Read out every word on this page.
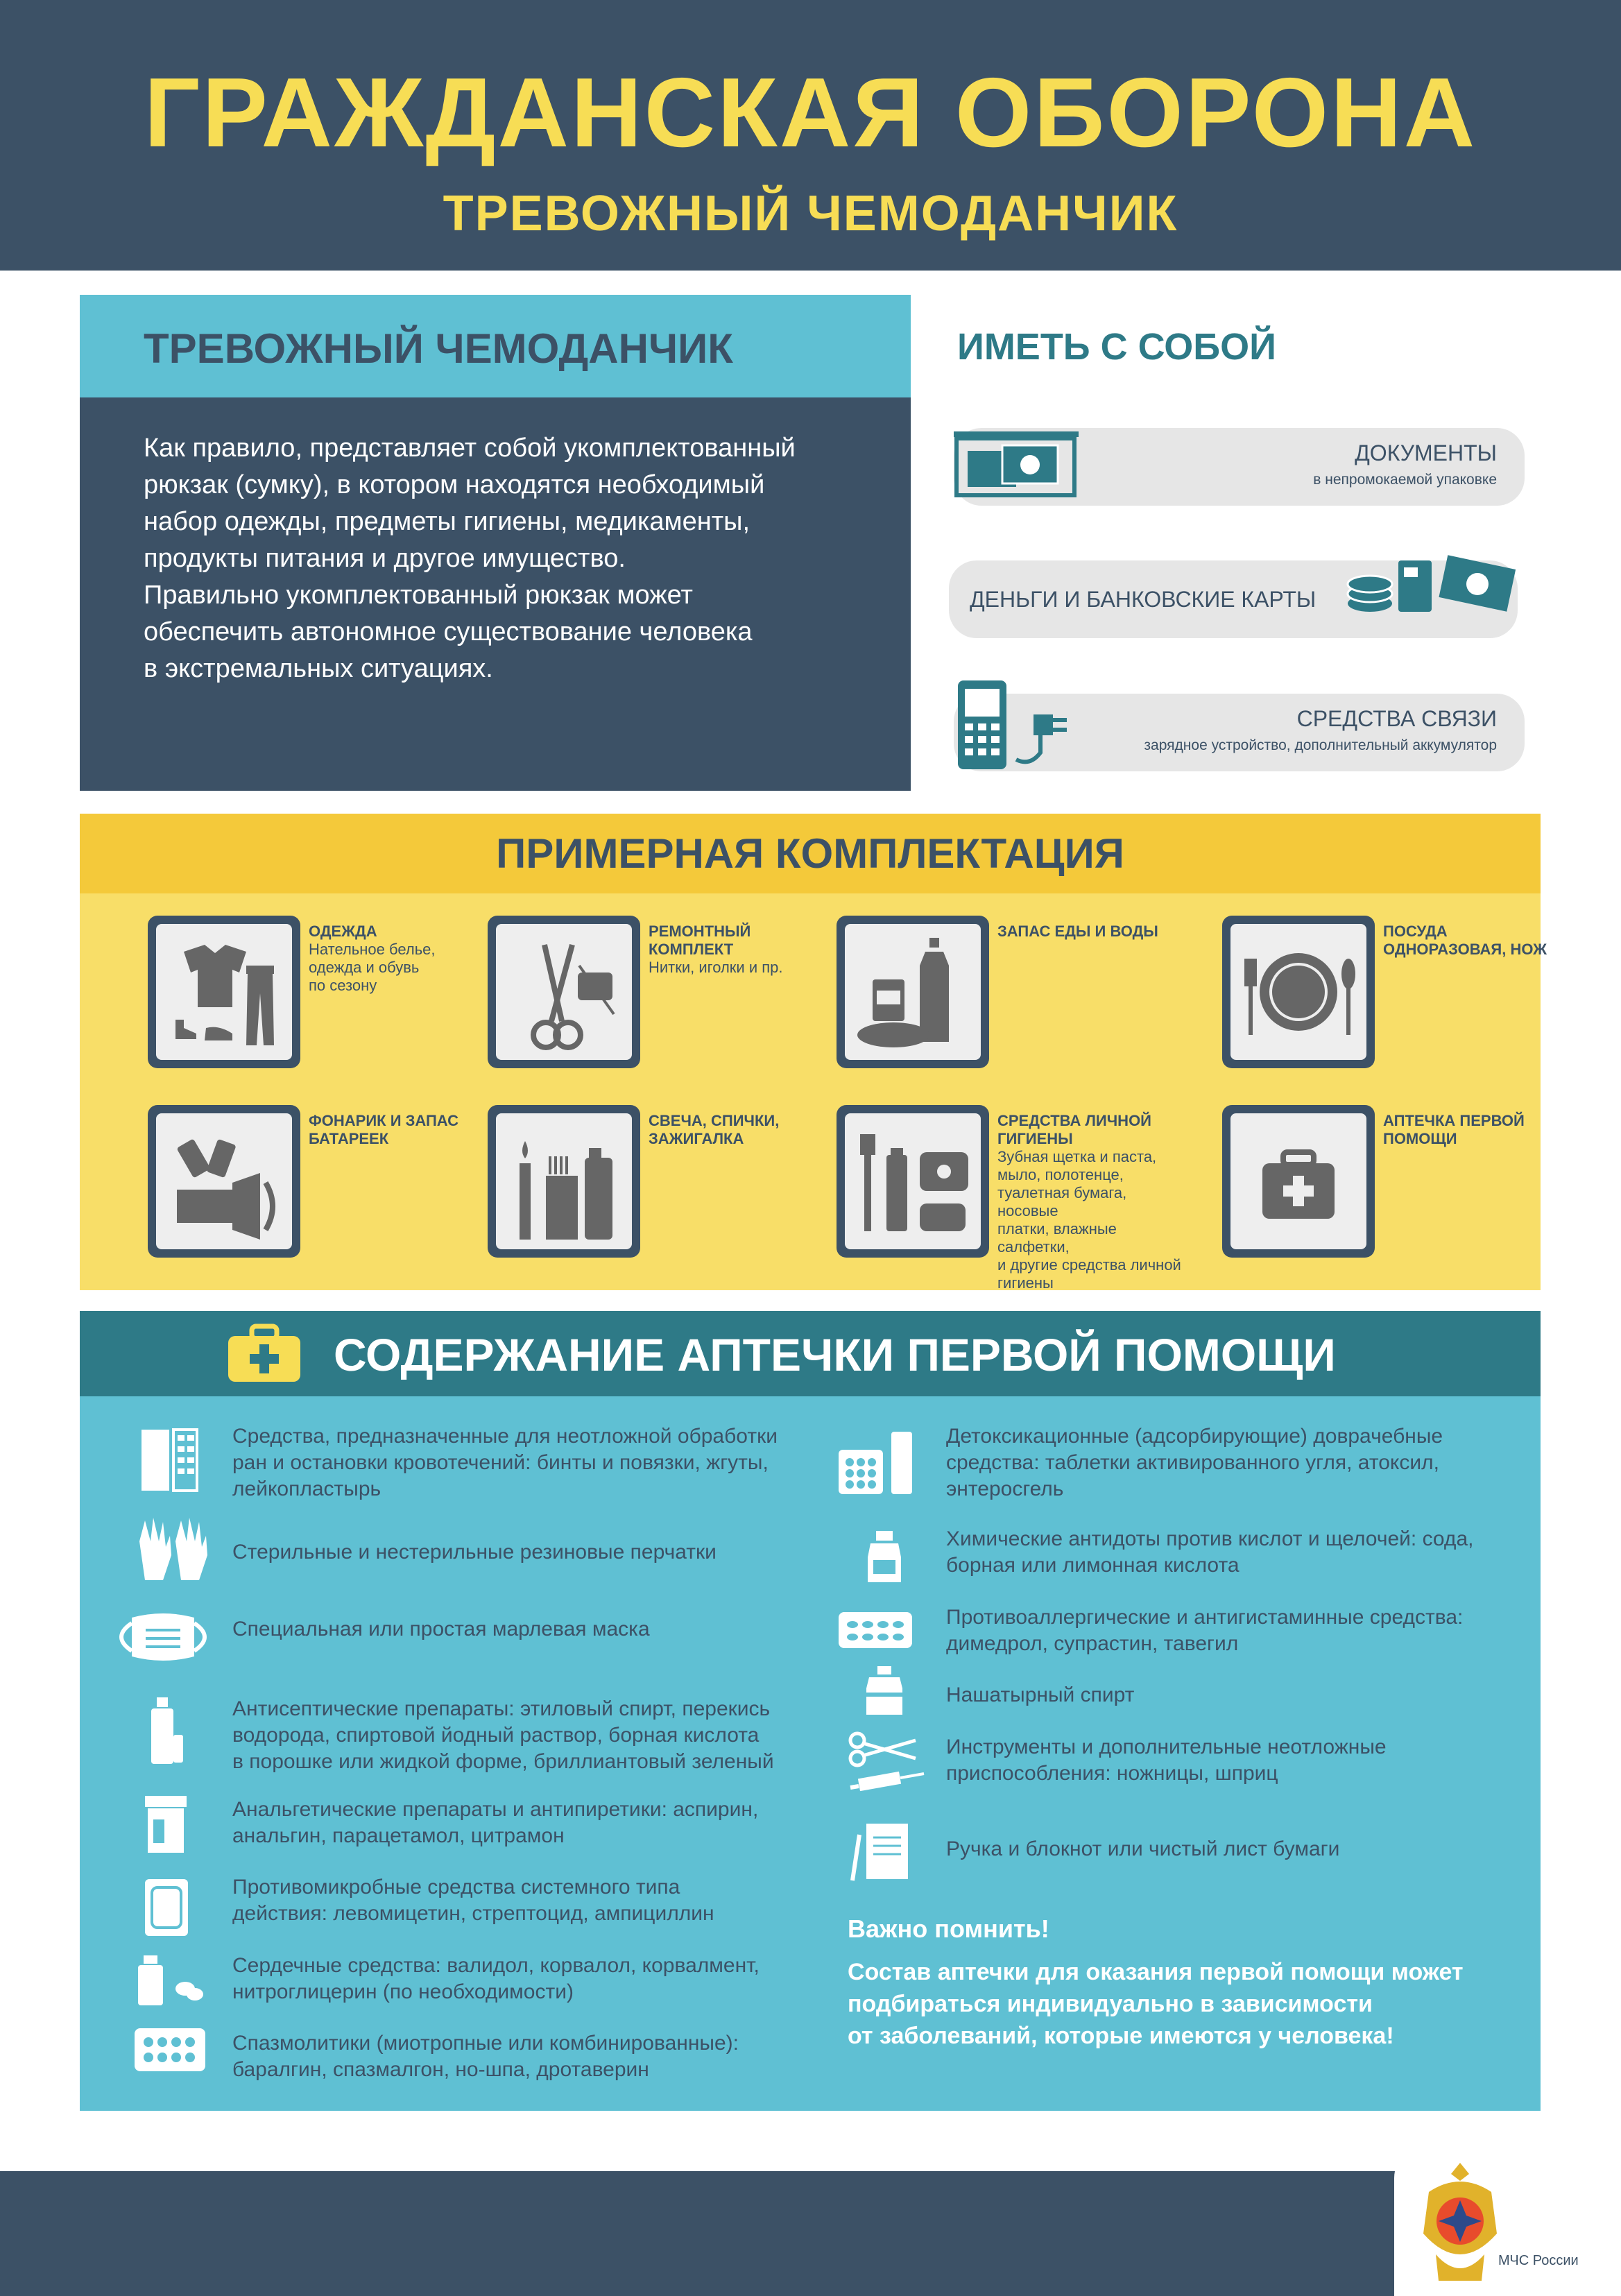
ГРАЖДАНСКАЯ ОБОРОНА
ТРЕВОЖНЫЙ ЧЕМОДАНЧИК
ТРЕВОЖНЫЙ ЧЕМОДАНЧИК
Как правило, представляет собой укомплектованный
рюкзак (сумку), в котором находятся необходимый
набор одежды, предметы гигиены, медикаменты,
продукты питания и другое имущество.
Правильно укомплектованный рюкзак может
обеспечить автономное существование человека
в экстремальных ситуациях.
ИМЕТЬ С СОБОЙ
ДОКУМЕНТЫ
в непромокаемой упаковке
ДЕНЬГИ И БАНКОВСКИЕ КАРТЫ
СРЕДСТВА СВЯЗИ
зарядное устройство, дополнительный аккумулятор
ПРИМЕРНАЯ КОМПЛЕКТАЦИЯ
ОДЕЖДА
Нательное белье,
одежда и обувь
по сезону
РЕМОНТНЫЙ КОМПЛЕКТ
Нитки, иголки и пр.
ЗАПАС ЕДЫ И ВОДЫ	ПОСУДА ОДНОРАЗОВАЯ, НОЖ
ФОНАРИК И ЗАПАС БАТАРЕЕК
СВЕЧА, СПИЧКИ, ЗАЖИГАЛКА
СРЕДСТВА ЛИЧНОЙ ГИГИЕНЫ
Зубная щетка и паста,
мыло, полотенце,
туалетная бумага, носовые
платки, влажные салфетки,
и другие средства личной
гигиены
АПТЕЧКА ПЕРВОЙ ПОМОЩИ
СОДЕРЖАНИЕ АПТЕЧКИ ПЕРВОЙ ПОМОЩИ
Средства, предназначенные для неотложной обработки
ран и остановки кровотечений: бинты и повязки, жгуты,
лейкопластырь
Стерильные и нестерильные резиновые перчатки
Специальная или простая марлевая маска
Антисептические препараты: этиловый спирт, перекись
водорода, спиртовой йодный раствор, борная кислота
в порошке или жидкой форме, бриллиантовый зеленый
Анальгетические препараты и антипиретики: аспирин,
анальгин, парацетамол, цитрамон
Противомикробные средства системного типа
действия: левомицетин, стрептоцид, ампициллин
Сердечные средства: валидол, корвалол, корвалмент,
нитроглицерин (по необходимости)
Спазмолитики (миотропные или комбинированные):
баралгин, спазмалгон, но-шпа, дротаверин
Детоксикационные (адсорбирующие) доврачебные
средства: таблетки активированного угля, атоксил,
энтеросгель
Химические антидоты против кислот и щелочей: сода,
борная или лимонная кислота
Противоаллергические и антигистаминные средства:
димедрол, супрастин, тавегил
Нашатырный спирт
Инструменты и дополнительные неотложные
приспособления: ножницы, шприц
Ручка и блокнот или чистый лист бумаги
Важно помнить!
Состав аптечки для оказания первой помощи может
подбираться индивидуально в зависимости
от заболеваний, которые имеются у человека!
МЧС России
